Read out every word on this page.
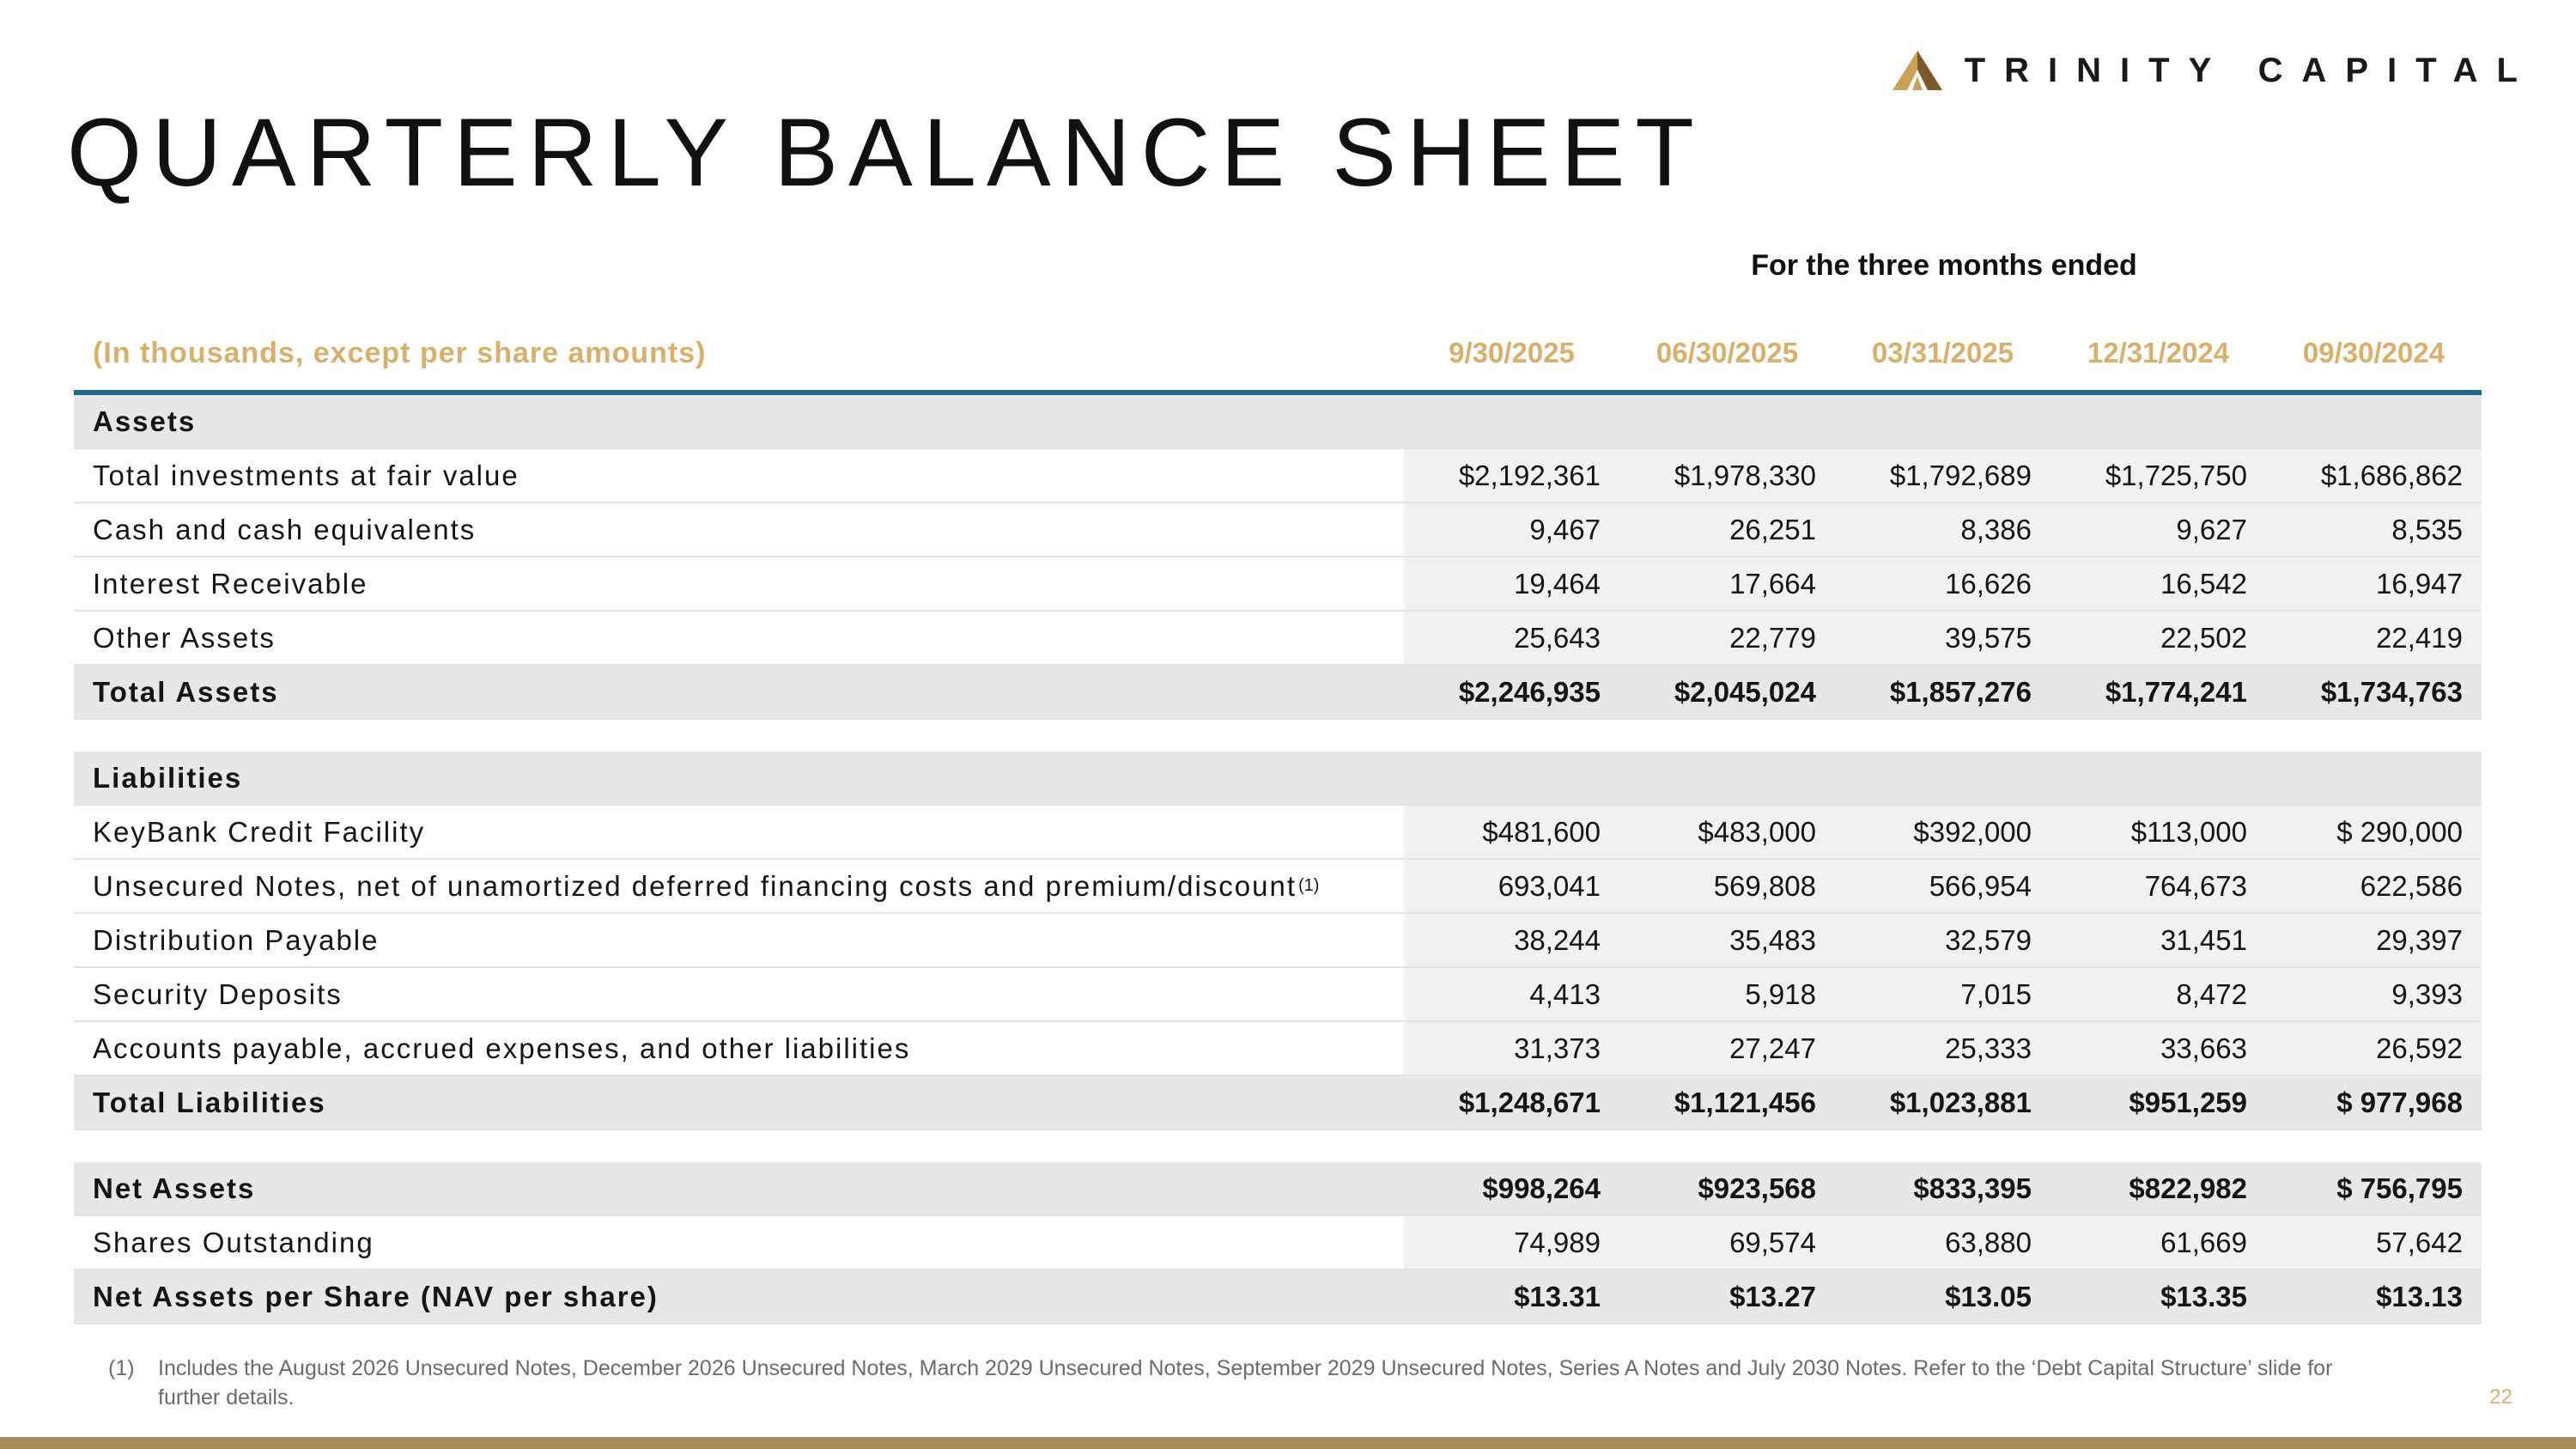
TRINITY CAPITAL
QUARTERLY BALANCE SHEET
For the three months ended
(In thousands, except per share amounts)	9/30/2025	06/30/2025	03/31/2025	12/31/2024	09/30/2024
Assets
Total investments at fair value	$2,192,361	$1,978,330	$1,792,689	$1,725,750	$1,686,862
Cash and cash equivalents	9,467	26,251	8,386	9,627	8,535
Interest Receivable	19,464	17,664	16,626	16,542	16,947
Other Assets	25,643	22,779	39,575	22,502	22,419
Total Assets	$2,246,935	$2,045,024	$1,857,276	$1,774,241	$1,734,763
Liabilities
KeyBank Credit Facility	$481,600	$483,000	$392,000	$113,000	$ 290,000
Unsecured Notes, net of unamortized deferred financing costs and premium/discount (1)	693,041	569,808	566,954	764,673	622,586
Distribution Payable	38,244	35,483	32,579	31,451	29,397
Security Deposits	4,413	5,918	7,015	8,472	9,393
Accounts payable, accrued expenses, and other liabilities	31,373	27,247	25,333	33,663	26,592
Total Liabilities	$1,248,671	$1,121,456	$1,023,881	$951,259	$ 977,968
Net Assets	$998,264	$923,568	$833,395	$822,982	$ 756,795
Shares Outstanding	74,989	69,574	63,880	61,669	57,642
Net Assets per Share (NAV per share)	$13.31	$13.27	$13.05	$13.35	$13.13
(1)	Includes the August 2026 Unsecured Notes, December 2026 Unsecured Notes, March 2029 Unsecured Notes, September 2029 Unsecured Notes, Series A Notes and July 2030 Notes. Refer to the ‘Debt Capital Structure’ slide for further details.	22
